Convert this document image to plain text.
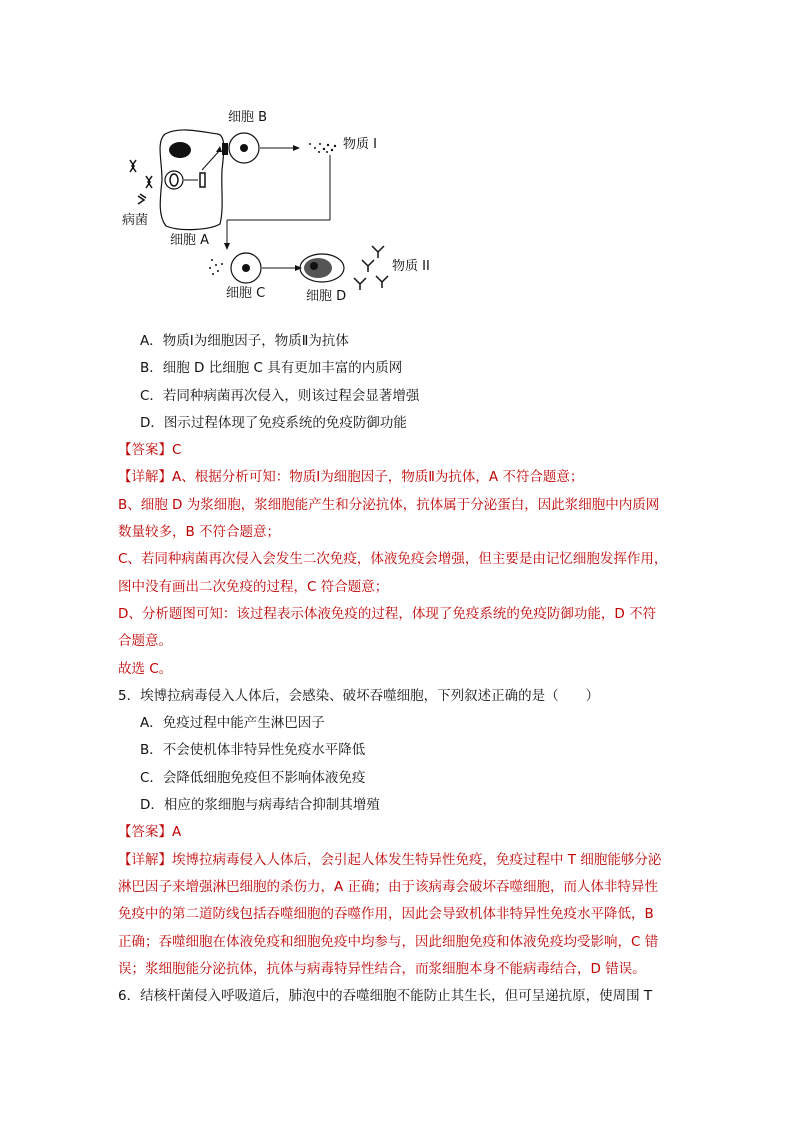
细胞 B
物质 I
病菌
细胞 A
细胞 C	细胞 D
物质 II
A．物质Ⅰ为细胞因子，物质Ⅱ为抗体
B．细胞 D 比细胞 C 具有更加丰富的内质网
C．若同种病菌再次侵入，则该过程会显著增强
D．图示过程体现了免疫系统的免疫防御功能
【答案】C
【详解】A、根据分析可知：物质Ⅰ为细胞因子，物质Ⅱ为抗体，A 不符合题意；
B、细胞 D 为浆细胞，浆细胞能产生和分泌抗体，抗体属于分泌蛋白，因此浆细胞中内质网
数量较多，B 不符合题意；
C、若同种病菌再次侵入会发生二次免疫，体液免疫会增强，但主要是由记忆细胞发挥作用，
图中没有画出二次免疫的过程，C 符合题意；
D、分析题图可知：该过程表示体液免疫的过程，体现了免疫系统的免疫防御功能，D 不符
合题意。
故选 C。
5．埃博拉病毒侵入人体后，会感染、破坏吞噬细胞，下列叙述正确的是（　　）
A．免疫过程中能产生淋巴因子
B．不会使机体非特异性免疫水平降低
C．会降低细胞免疫但不影响体液免疫
D．相应的浆细胞与病毒结合抑制其增殖
【答案】A
【详解】埃博拉病毒侵入人体后，会引起人体发生特异性免疫，免疫过程中 T 细胞能够分泌
淋巴因子来增强淋巴细胞的杀伤力，A 正确；由于该病毒会破坏吞噬细胞，而人体非特异性
免疫中的第二道防线包括吞噬细胞的吞噬作用，因此会导致机体非特异性免疫水平降低，B
正确；吞噬细胞在体液免疫和细胞免疫中均参与，因此细胞免疫和体液免疫均受影响，C 错
误；浆细胞能分泌抗体，抗体与病毒特异性结合，而浆细胞本身不能病毒结合，D 错误。
6．结核杆菌侵入呼吸道后，肺泡中的吞噬细胞不能防止其生长，但可呈递抗原，使周围 T
